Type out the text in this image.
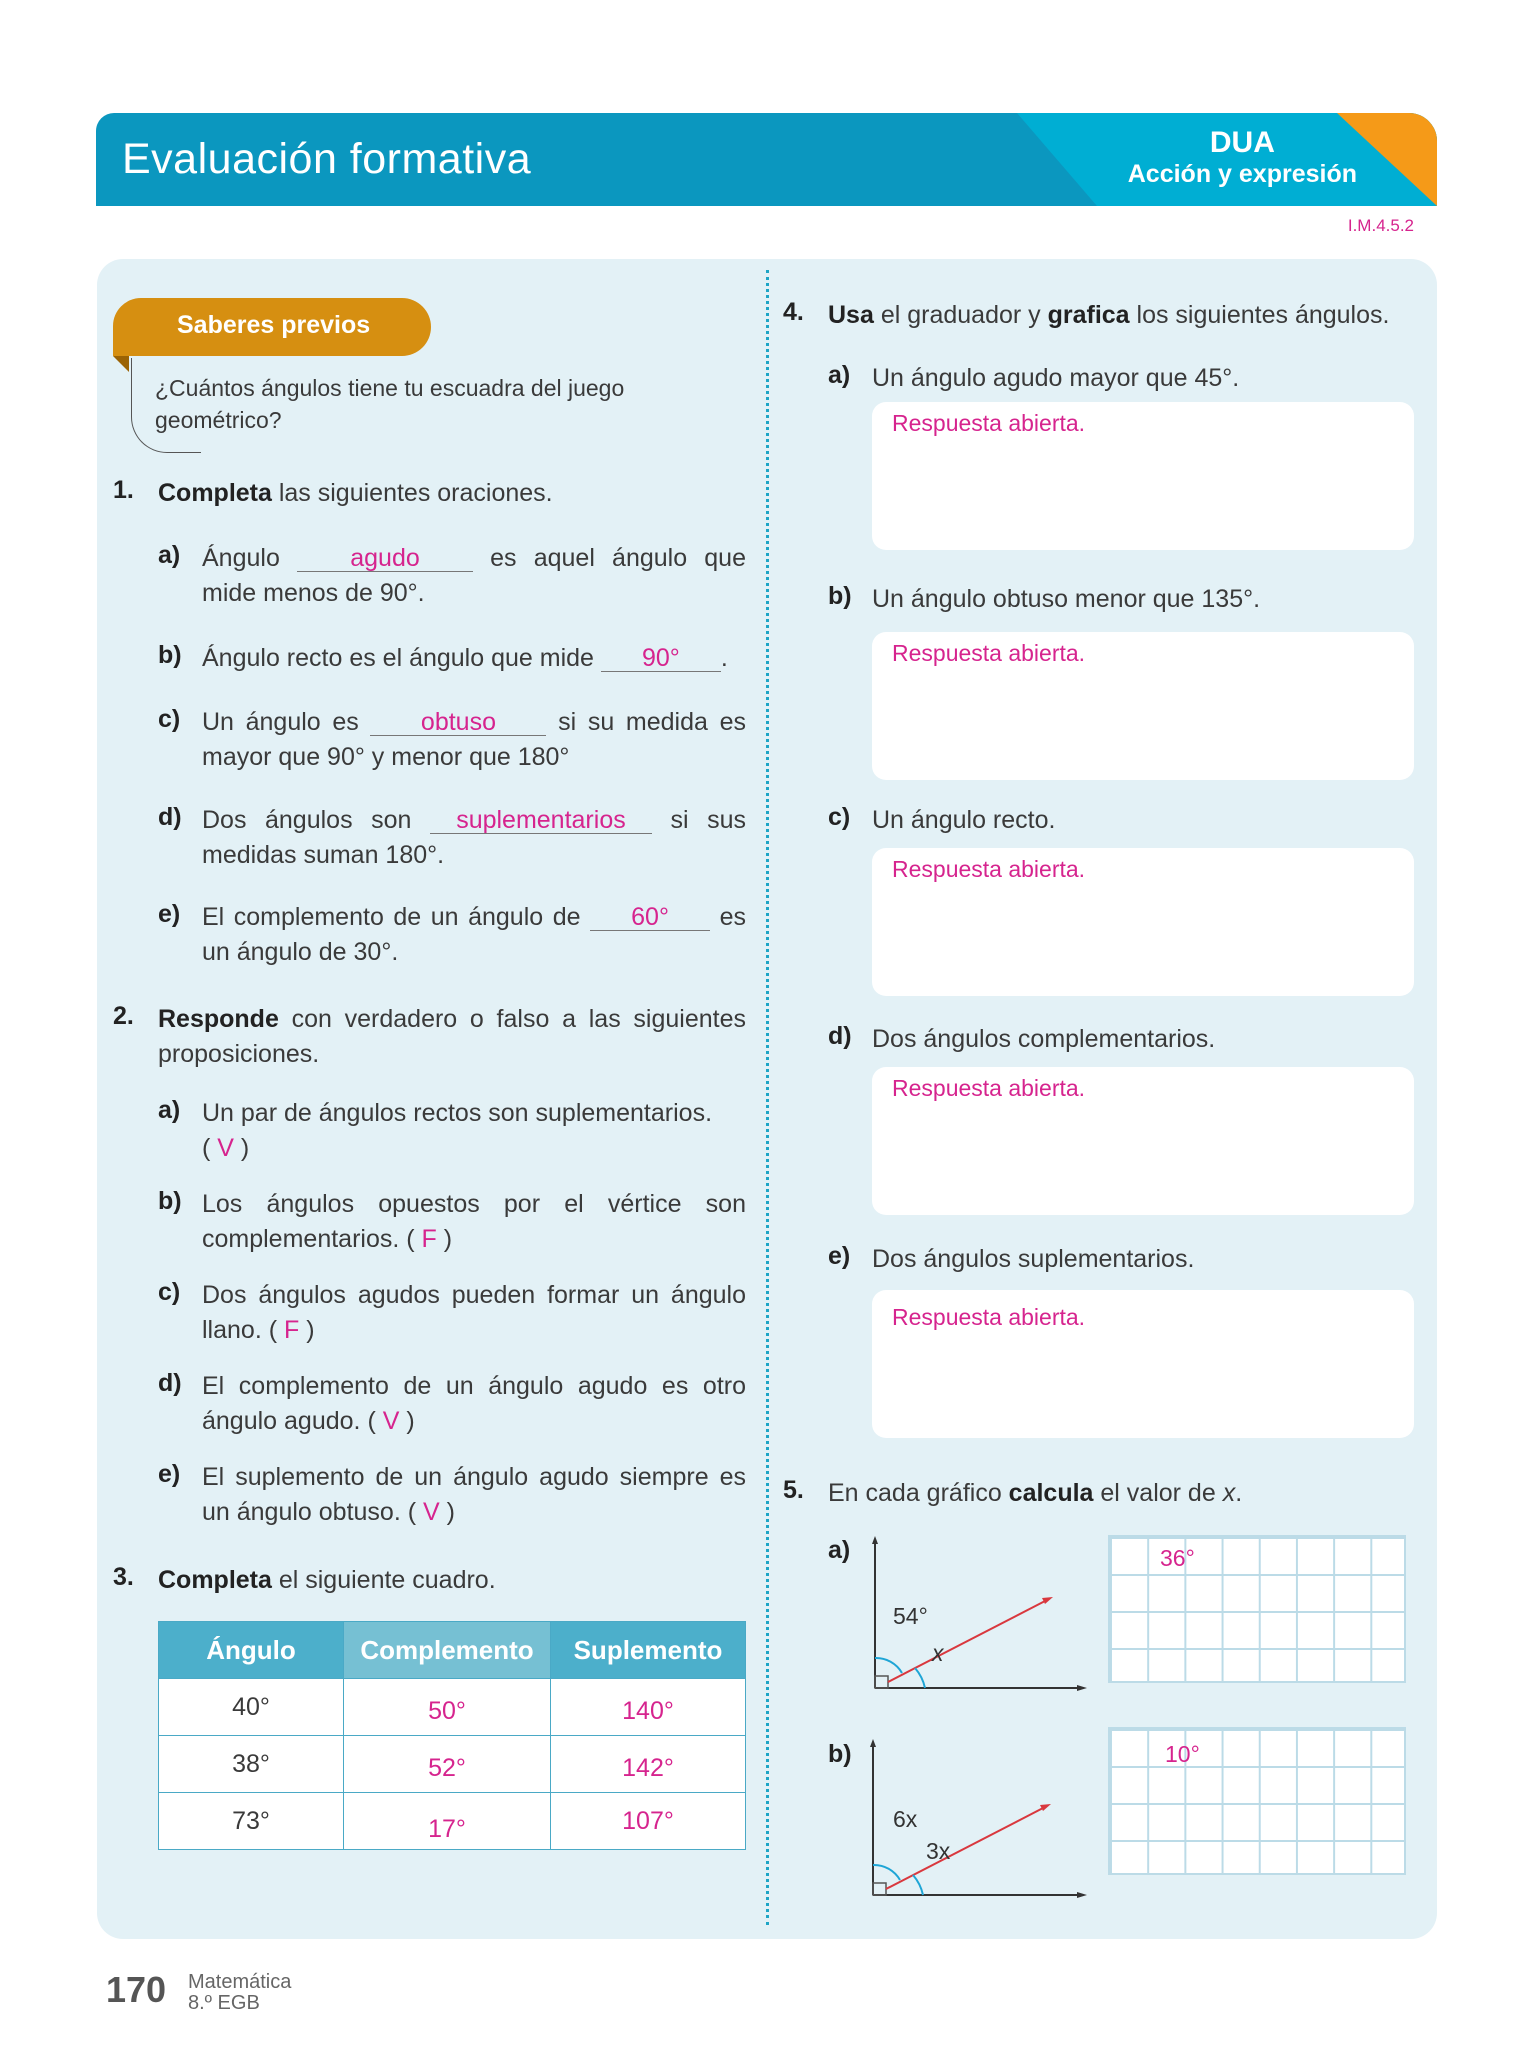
Evaluación formativa	DUA
Acción y expresión
I.M.4.5.2
Saberes previos
¿Cuántos ángulos tiene tu escuadra del juego geométrico?
1. Completa las siguientes oraciones.
a) Ángulo agudo es aquel ángulo que mide menos de 90°.
b) Ángulo recto es el ángulo que mide 90° .
c) Un ángulo es obtuso si su medida es mayor que 90° y menor que 180°
d) Dos ángulos son suplementarios si sus medidas suman 180°.
e) El complemento de un ángulo de 60° es un ángulo de 30°.
2. Responde con verdadero o falso a las siguientes proposiciones.
a) Un par de ángulos rectos son suplementarios.
( V )
b) Los ángulos opuestos por el vértice son complementarios. ( F )
c) Dos ángulos agudos pueden formar un ángulo llano. ( F )
d) El complemento de un ángulo agudo es otro ángulo agudo. ( V )
e) El suplemento de un ángulo agudo siempre es un ángulo obtuso. ( V )
3. Completa el siguiente cuadro.
Ángulo	Complemento	Suplemento
40°	50°	140°
38°	52°	142°
73°	17°	107°
4. Usa el graduador y grafica los siguientes ángulos.
a) Un ángulo agudo mayor que 45°.
Respuesta abierta.
b) Un ángulo obtuso menor que 135°.
Respuesta abierta.
c) Un ángulo recto.
Respuesta abierta.
d) Dos ángulos complementarios.
Respuesta abierta.
e) Dos ángulos suplementarios.
Respuesta abierta.
5. En cada gráfico calcula el valor de x.
a)
54°
x
36°
b)
6x
3x
10°
170 Matemática
8.º EGB
